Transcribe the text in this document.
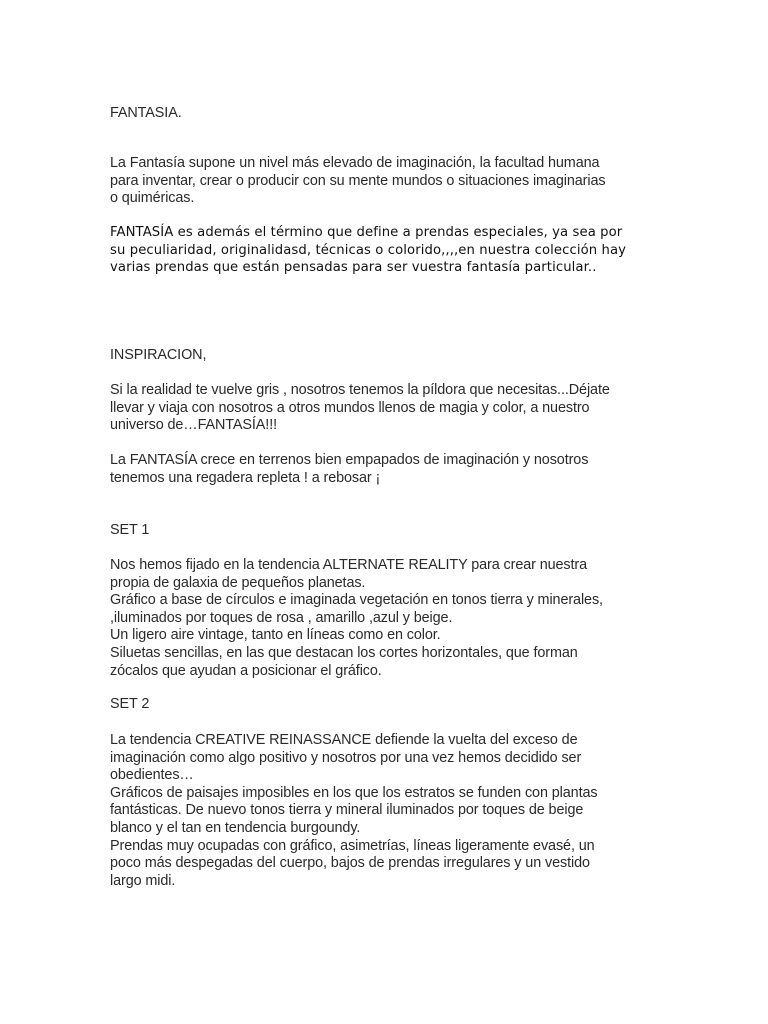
FANTASIA.

La Fantasía supone un nivel más elevado de imaginación, la facultad humana
para inventar, crear o producir con su mente mundos o situaciones imaginarias
o quiméricas.

FANTASÍA es además el término que define a prendas especiales, ya sea por
su peculiaridad, originalidasd, técnicas o colorido,,,,en nuestra colección hay
varias prendas que están pensadas para ser vuestra fantasía particular..

INSPIRACION,

Si la realidad te vuelve gris , nosotros tenemos la píldora que necesitas...Déjate
llevar y viaja con nosotros a otros mundos llenos de magia y color, a nuestro
universo de…FANTASÍA!!!

La FANTASÍA crece en terrenos bien empapados de imaginación y nosotros
tenemos una regadera repleta ! a rebosar ¡

SET 1

Nos hemos fijado en la tendencia ALTERNATE REALITY para crear nuestra
propia de galaxia de pequeños planetas.
Gráfico a base de círculos e imaginada vegetación en tonos tierra y minerales,
,iluminados por toques de rosa , amarillo ,azul y beige.
Un ligero aire vintage, tanto en líneas como en color.
Siluetas sencillas, en las que destacan los cortes horizontales, que forman
zócalos que ayudan a posicionar el gráfico.

SET 2

La tendencia CREATIVE REINASSANCE defiende la vuelta del exceso de
imaginación como algo positivo y nosotros por una vez hemos decidido ser
obedientes…
Gráficos de paisajes imposibles en los que los estratos se funden con plantas
fantásticas. De nuevo tonos tierra y mineral iluminados por toques de beige
blanco y el tan en tendencia burgoundy.
Prendas muy ocupadas con gráfico, asimetrías, líneas ligeramente evasé, un
poco más despegadas del cuerpo, bajos de prendas irregulares y un vestido
largo midi.
